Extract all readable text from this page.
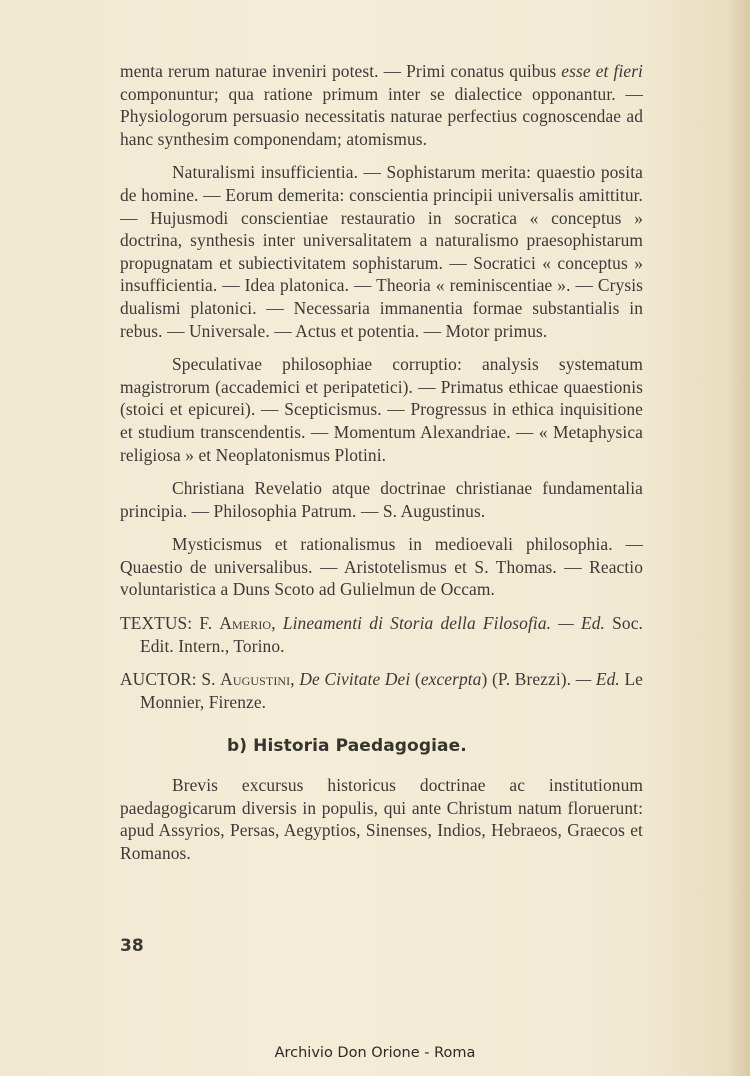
menta rerum naturae inveniri potest. — Primi conatus quibus esse et fieri componuntur; qua ratione primum inter se dialectice opponantur. — Physiologorum persuasio necessitatis naturae perfectius cognoscendae ad hanc synthesim componendam; atomismus.

Naturalismi insufficientia. — Sophistarum merita: quaestio posita de homine. — Eorum demerita: conscientia principii universalis amittitur. — Hujusmodi conscientiae restauratio in socratica « conceptus » doctrina, synthesis inter universalitatem a naturalismo praesophistarum propugnatam et subiectivitatem sophistarum. — Socratici « conceptus » insufficientia. — Idea platonica. — Theoria « reminiscentiae ». — Crysis dualismi platonici. — Necessaria immanentia formae substantialis in rebus. — Universale. — Actus et potentia. — Motor primus.

Speculativae philosophiae corruptio: analysis systematum magistrorum (accademici et peripatetici). — Primatus ethicae quaestionis (stoici et epicurei). — Scepticismus. — Progressus in ethica inquisitione et studium transcendentis. — Momentum Alexandriae. — « Metaphysica religiosa » et Neoplatonismus Plotini.

Christiana Revelatio atque doctrinae christianae fundamentalia principia. — Philosophia Patrum. — S. Augustinus.

Mysticismus et rationalismus in medioevali philosophia. — Quaestio de universalibus. — Aristotelismus et S. Thomas. — Reactio voluntaristica a Duns Scoto ad Gulielmun de Occam.

TEXTUS: F. Amerio, Lineamenti di Storia della Filosofia. — Ed. Soc. Edit. Intern., Torino.

AUCTOR: S. Augustini, De Civitate Dei (excerpta) (P. Brezzi). — Ed. Le Monnier, Firenze.

b) Historia Paedagogiae.

Brevis excursus historicus doctrinae ac institutionum paedagogicarum diversis in populis, qui ante Christum natum floruerunt: apud Assyrios, Persas, Aegyptios, Sinenses, Indios, Hebraeos, Graecos et Romanos.

38
Archivio Don Orione - Roma
